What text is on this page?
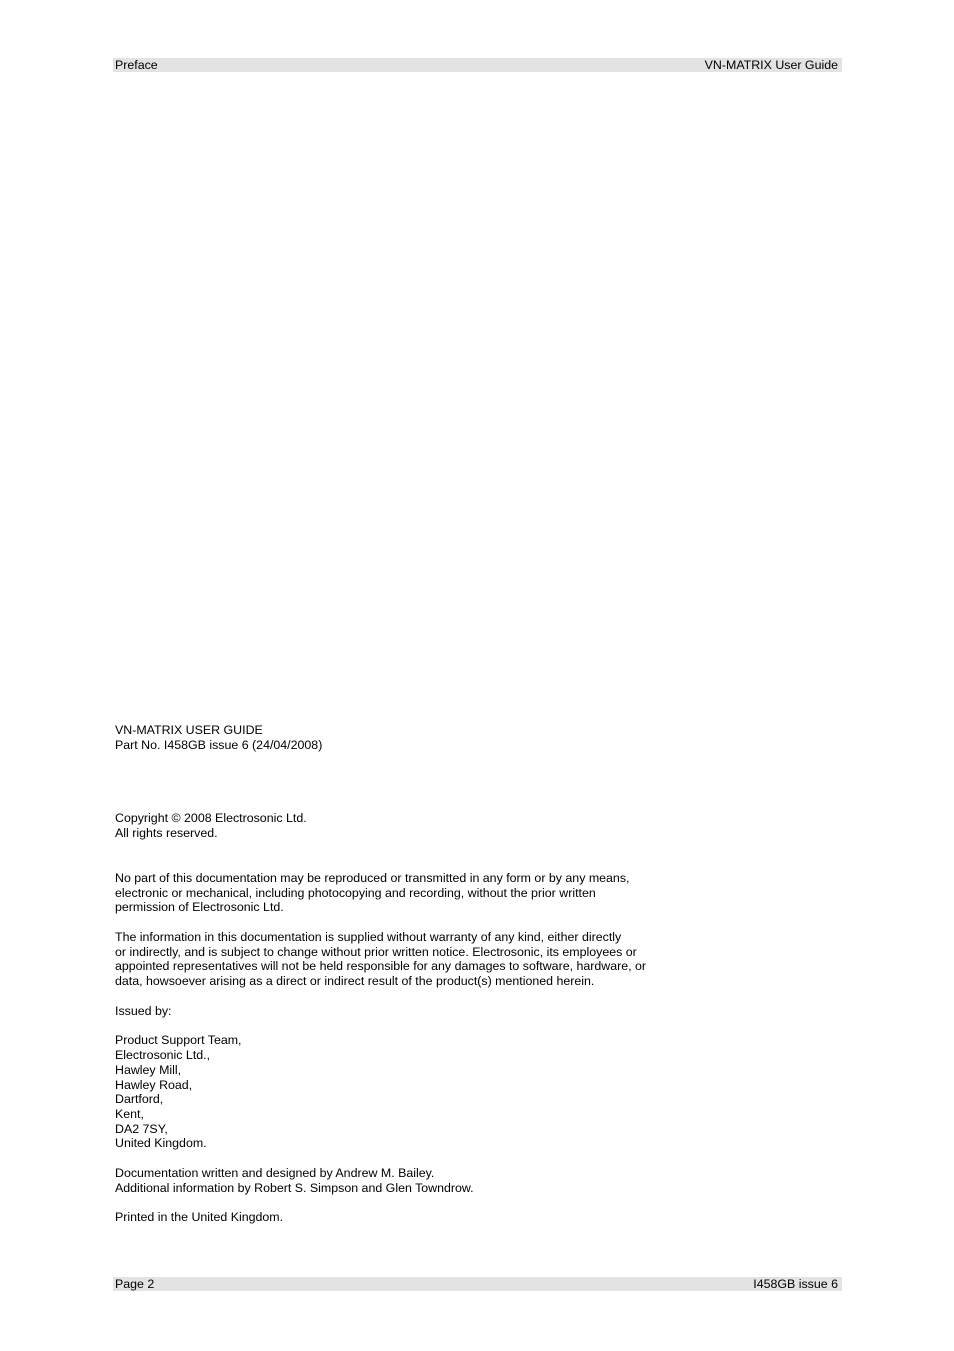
Preface	VN-MATRIX User Guide

VN-MATRIX USER GUIDE
Part No. I458GB issue 6 (24/04/2008)

Copyright © 2008 Electrosonic Ltd.
All rights reserved.

No part of this documentation may be reproduced or transmitted in any form or by any means,
electronic or mechanical, including photocopying and recording, without the prior written
permission of Electrosonic Ltd.

The information in this documentation is supplied without warranty of any kind, either directly
or indirectly, and is subject to change without prior written notice. Electrosonic, its employees or
appointed representatives will not be held responsible for any damages to software, hardware, or
data, howsoever arising as a direct or indirect result of the product(s) mentioned herein.

Issued by:

Product Support Team,
Electrosonic Ltd.,
Hawley Mill,
Hawley Road,
Dartford,
Kent,
DA2 7SY,
United Kingdom.

Documentation written and designed by Andrew M. Bailey.
Additional information by Robert S. Simpson and Glen Towndrow.

Printed in the United Kingdom.

Page 2	I458GB issue 6
